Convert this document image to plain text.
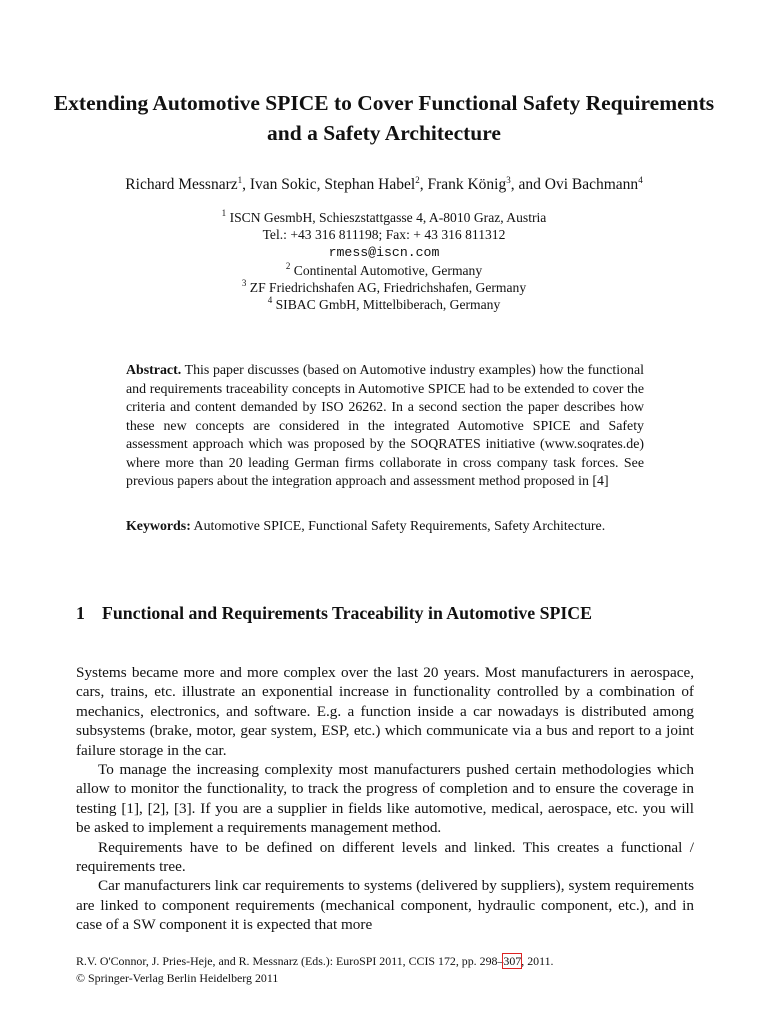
Extending Automotive SPICE to Cover Functional Safety Requirements and a Safety Architecture
Richard Messnarz$^1$, Ivan Sokic, Stephan Habel$^2$, Frank König$^3$, and Ovi Bachmann$^4$
$^1$ ISCN GesmbH, Schieszstattgasse 4, A-8010 Graz, Austria
Tel.: +43 316 811198; Fax: + 43 316 811312
rmess@iscn.com
$^2$ Continental Automotive, Germany
$^3$ ZF Friedrichshafen AG, Friedrichshafen, Germany
$^4$ SIBAC GmbH, Mittelbiberach, Germany

Abstract. This paper discusses (based on Automotive industry examples) how the functional and requirements traceability concepts in Automotive SPICE had to be extended to cover the criteria and content demanded by ISO 26262. In a second section the paper describes how these new concepts are considered in the integrated Automotive SPICE and Safety assessment approach which was proposed by the SOQRATES initiative (www.soqrates.de) where more than 20 leading German firms collaborate in cross company task forces. See previous papers about the integration approach and assessment method proposed in [4]

Keywords: Automotive SPICE, Functional Safety Requirements, Safety Architecture.
1 Functional and Requirements Traceability in Automotive SPICE

Systems became more and more complex over the last 20 years. Most manufacturers in aerospace, cars, trains, etc. illustrate an exponential increase in functionality controlled by a combination of mechanics, electronics, and software. E.g. a function inside a car nowadays is distributed among subsystems (brake, motor, gear system, ESP, etc.) which communicate via a bus and report to a joint failure storage in the car.

To manage the increasing complexity most manufacturers pushed certain methodologies which allow to monitor the functionality, to track the progress of completion and to ensure the coverage in testing [1], [2], [3]. If you are a supplier in fields like automotive, medical, aerospace, etc. you will be asked to implement a requirements management method.

Requirements have to be defined on different levels and linked. This creates a functional / requirements tree.

Car manufacturers link car requirements to systems (delivered by suppliers), system requirements are linked to component requirements (mechanical component, hydraulic component, etc.), and in case of a SW component it is expected that more

R.V. O'Connor, J. Pries-Heje, and R. Messnarz (Eds.): EuroSPI 2011, CCIS 172, pp. 298–307, 2011.
© Springer-Verlag Berlin Heidelberg 2011
